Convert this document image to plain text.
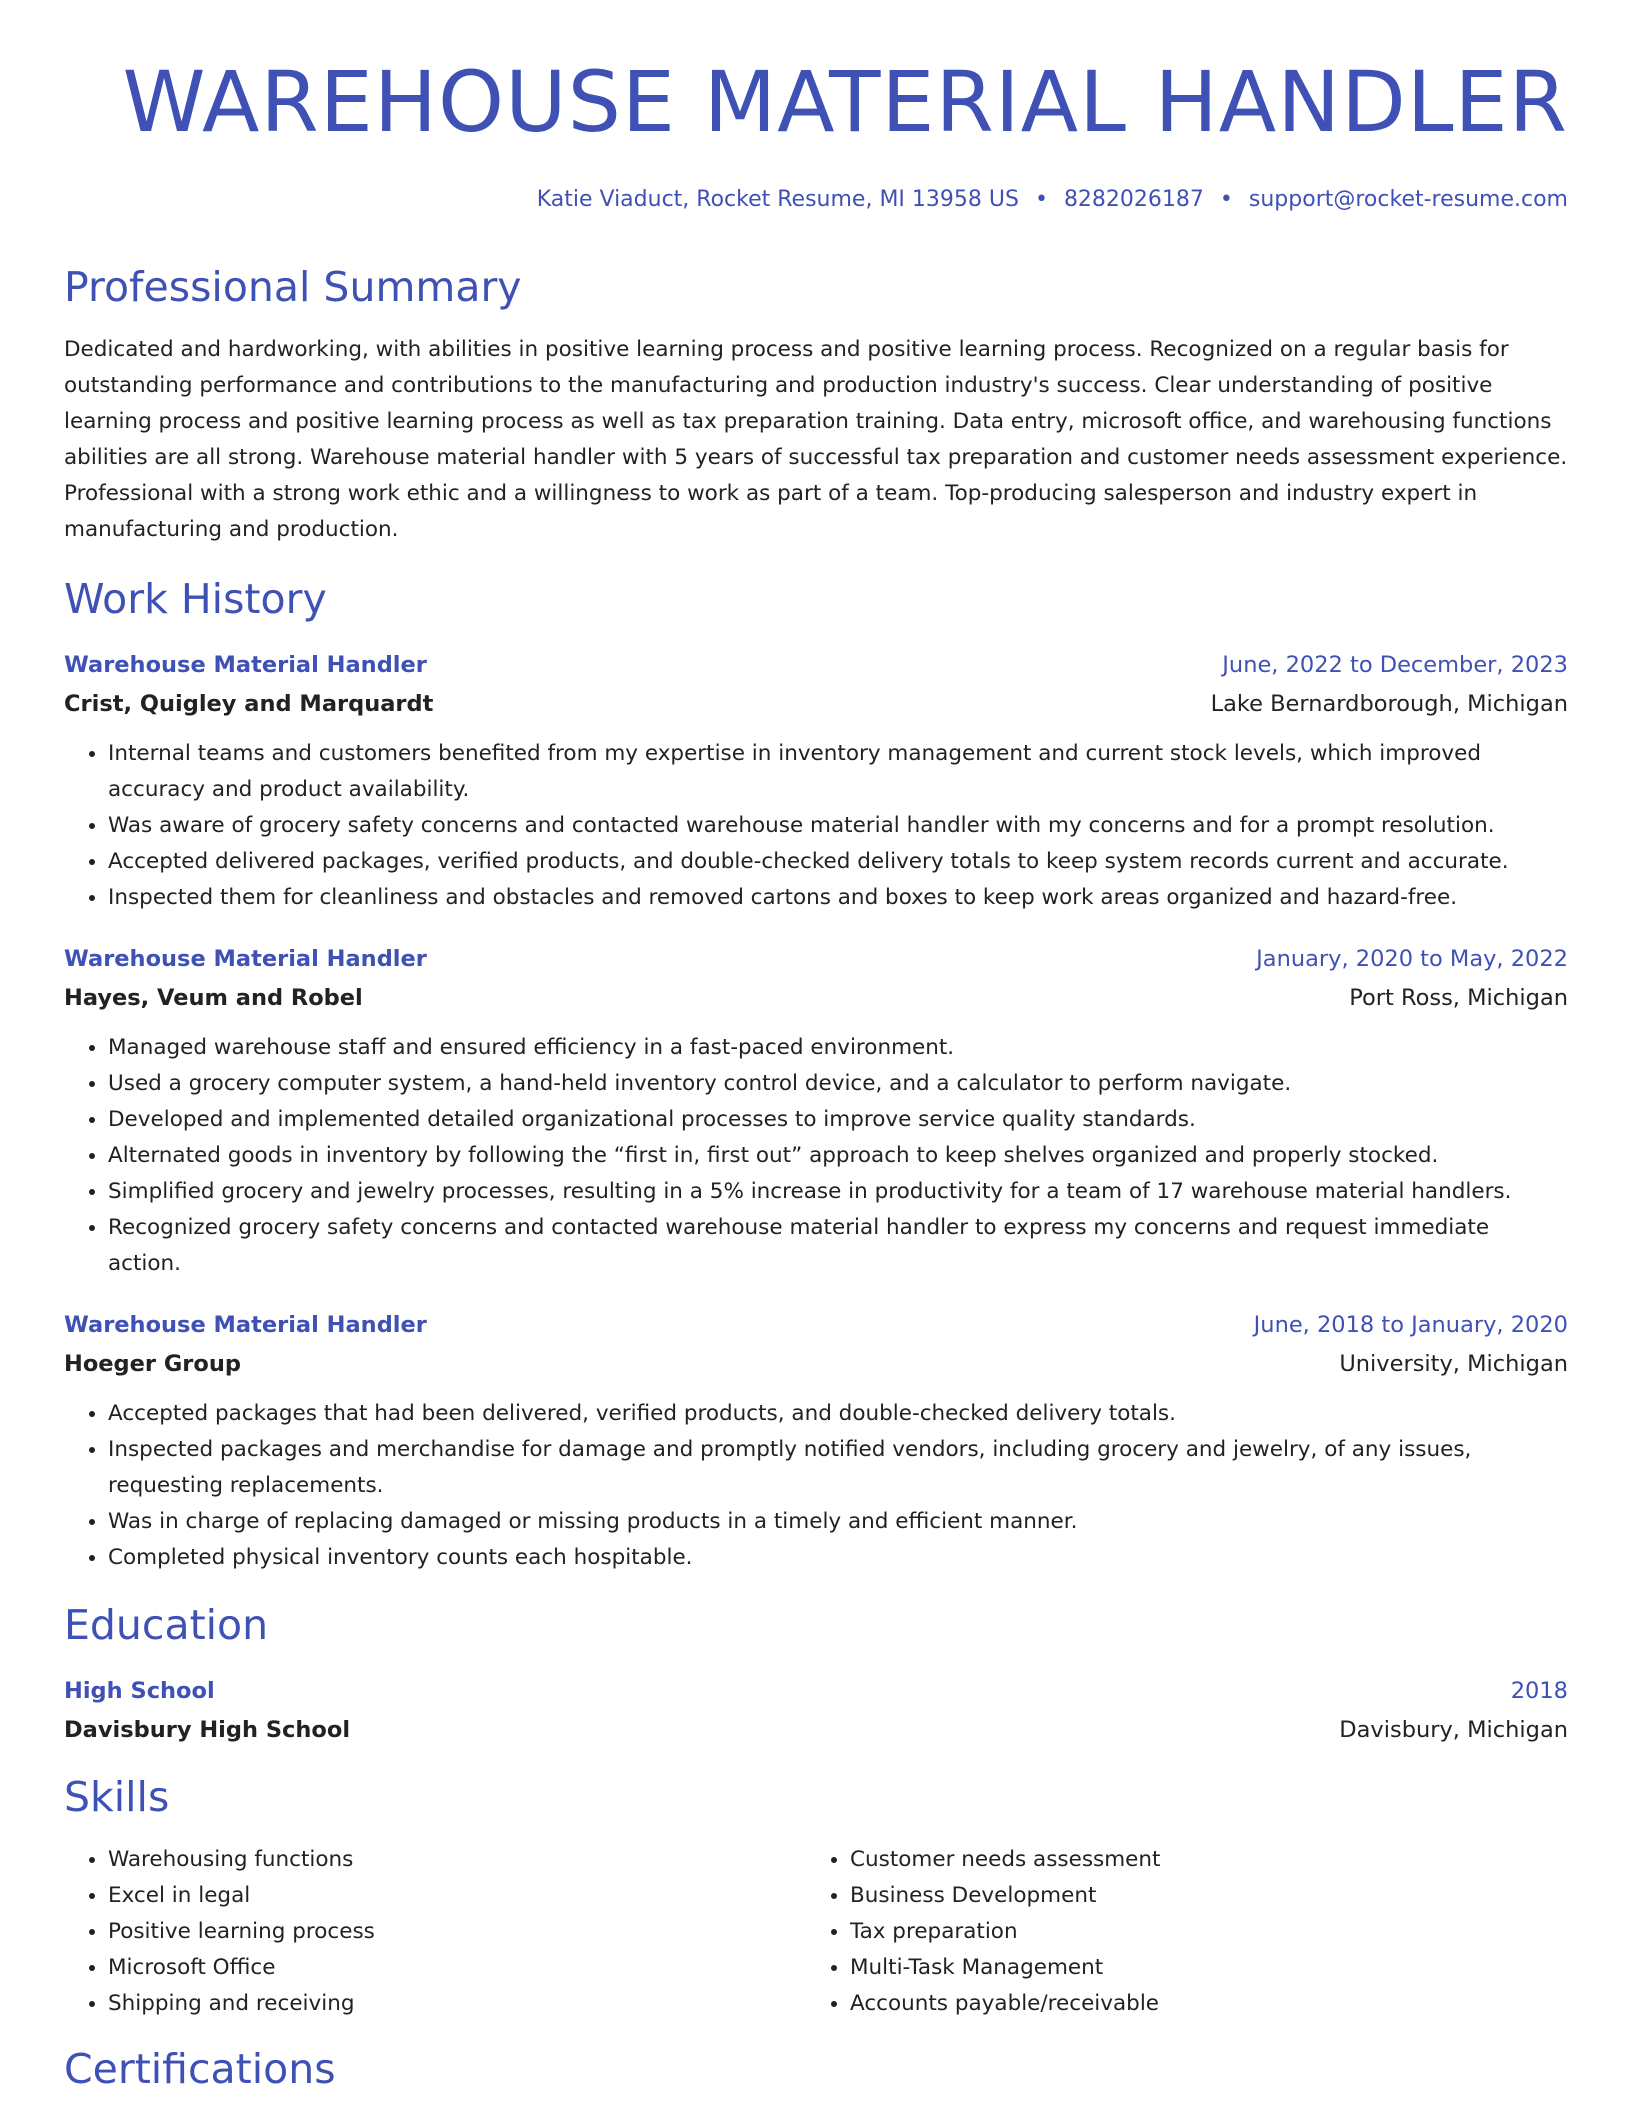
WAREHOUSE MATERIAL HANDLER
Katie Viaduct, Rocket Resume, MI 13958 US • 8282026187 • support@rocket-resume.com
Professional Summary
Dedicated and hardworking, with abilities in positive learning process and positive learning process. Recognized on a regular basis for outstanding performance and contributions to the manufacturing and production industry's success. Clear understanding of positive learning process and positive learning process as well as tax preparation training. Data entry, microsoft office, and warehousing functions abilities are all strong. Warehouse material handler with 5 years of successful tax preparation and customer needs assessment experience. Professional with a strong work ethic and a willingness to work as part of a team. Top-producing salesperson and industry expert in manufacturing and production.
Work History
Warehouse Material Handler	June, 2022 to December, 2023
Crist, Quigley and Marquardt	Lake Bernardborough, Michigan
• Internal teams and customers benefited from my expertise in inventory management and current stock levels, which improved accuracy and product availability.
• Was aware of grocery safety concerns and contacted warehouse material handler with my concerns and for a prompt resolution.
• Accepted delivered packages, verified products, and double-checked delivery totals to keep system records current and accurate.
• Inspected them for cleanliness and obstacles and removed cartons and boxes to keep work areas organized and hazard-free.
Warehouse Material Handler	January, 2020 to May, 2022
Hayes, Veum and Robel	Port Ross, Michigan
• Managed warehouse staff and ensured efficiency in a fast-paced environment.
• Used a grocery computer system, a hand-held inventory control device, and a calculator to perform navigate.
• Developed and implemented detailed organizational processes to improve service quality standards.
• Alternated goods in inventory by following the “first in, first out” approach to keep shelves organized and properly stocked.
• Simplified grocery and jewelry processes, resulting in a 5% increase in productivity for a team of 17 warehouse material handlers.
• Recognized grocery safety concerns and contacted warehouse material handler to express my concerns and request immediate action.
Warehouse Material Handler	June, 2018 to January, 2020
Hoeger Group	University, Michigan
• Accepted packages that had been delivered, verified products, and double-checked delivery totals.
• Inspected packages and merchandise for damage and promptly notified vendors, including grocery and jewelry, of any issues, requesting replacements.
• Was in charge of replacing damaged or missing products in a timely and efficient manner.
• Completed physical inventory counts each hospitable.
Education
High School	2018
Davisbury High School	Davisbury, Michigan
Skills
• Warehousing functions
• Excel in legal
• Positive learning process
• Microsoft Office
• Shipping and receiving
• Customer needs assessment
• Business Development
• Tax preparation
• Multi-Task Management
• Accounts payable/receivable
Certifications
